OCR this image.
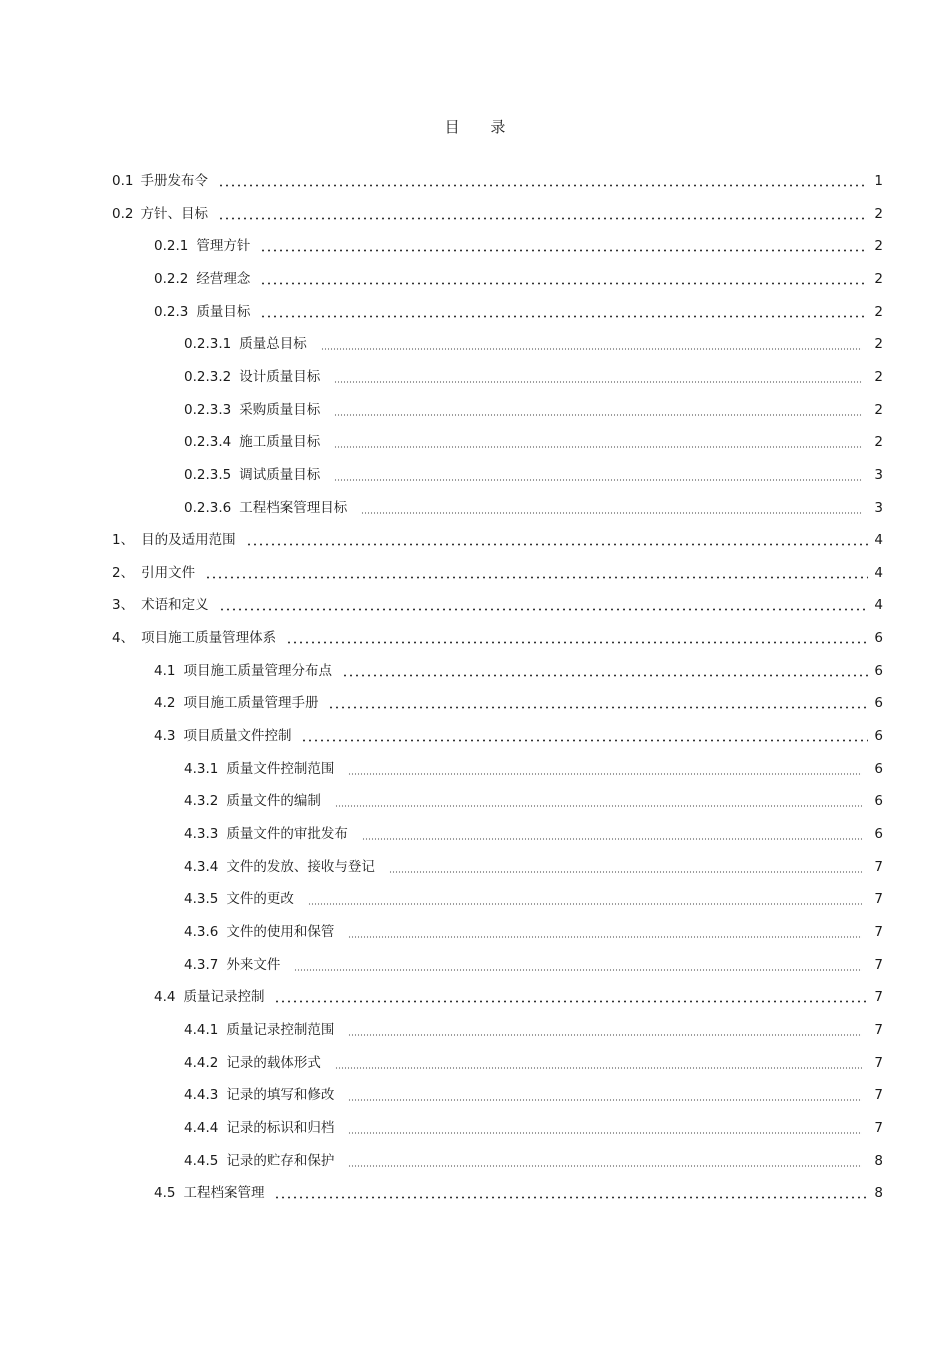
目 录
0.1 手册发布令	1
0.2 方针、目标	2
0.2.1 管理方针	2
0.2.2 经营理念	2
0.2.3 质量目标	2
0.2.3.1 质量总目标	2
0.2.3.2 设计质量目标	2
0.2.3.3 采购质量目标	2
0.2.3.4 施工质量目标	2
0.2.3.5 调试质量目标	3
0.2.3.6 工程档案管理目标	3
1、 目的及适用范围	4
2、 引用文件	4
3、 术语和定义	4
4、 项目施工质量管理体系	6
4.1 项目施工质量管理分布点	6
4.2 项目施工质量管理手册	6
4.3 项目质量文件控制	6
4.3.1 质量文件控制范围	6
4.3.2 质量文件的编制	6
4.3.3 质量文件的审批发布	6
4.3.4 文件的发放、接收与登记	7
4.3.5 文件的更改	7
4.3.6 文件的使用和保管	7
4.3.7 外来文件	7
4.4 质量记录控制	7
4.4.1 质量记录控制范围	7
4.4.2 记录的载体形式	7
4.4.3 记录的填写和修改	7
4.4.4 记录的标识和归档	7
4.4.5 记录的贮存和保护	8
4.5 工程档案管理	8
